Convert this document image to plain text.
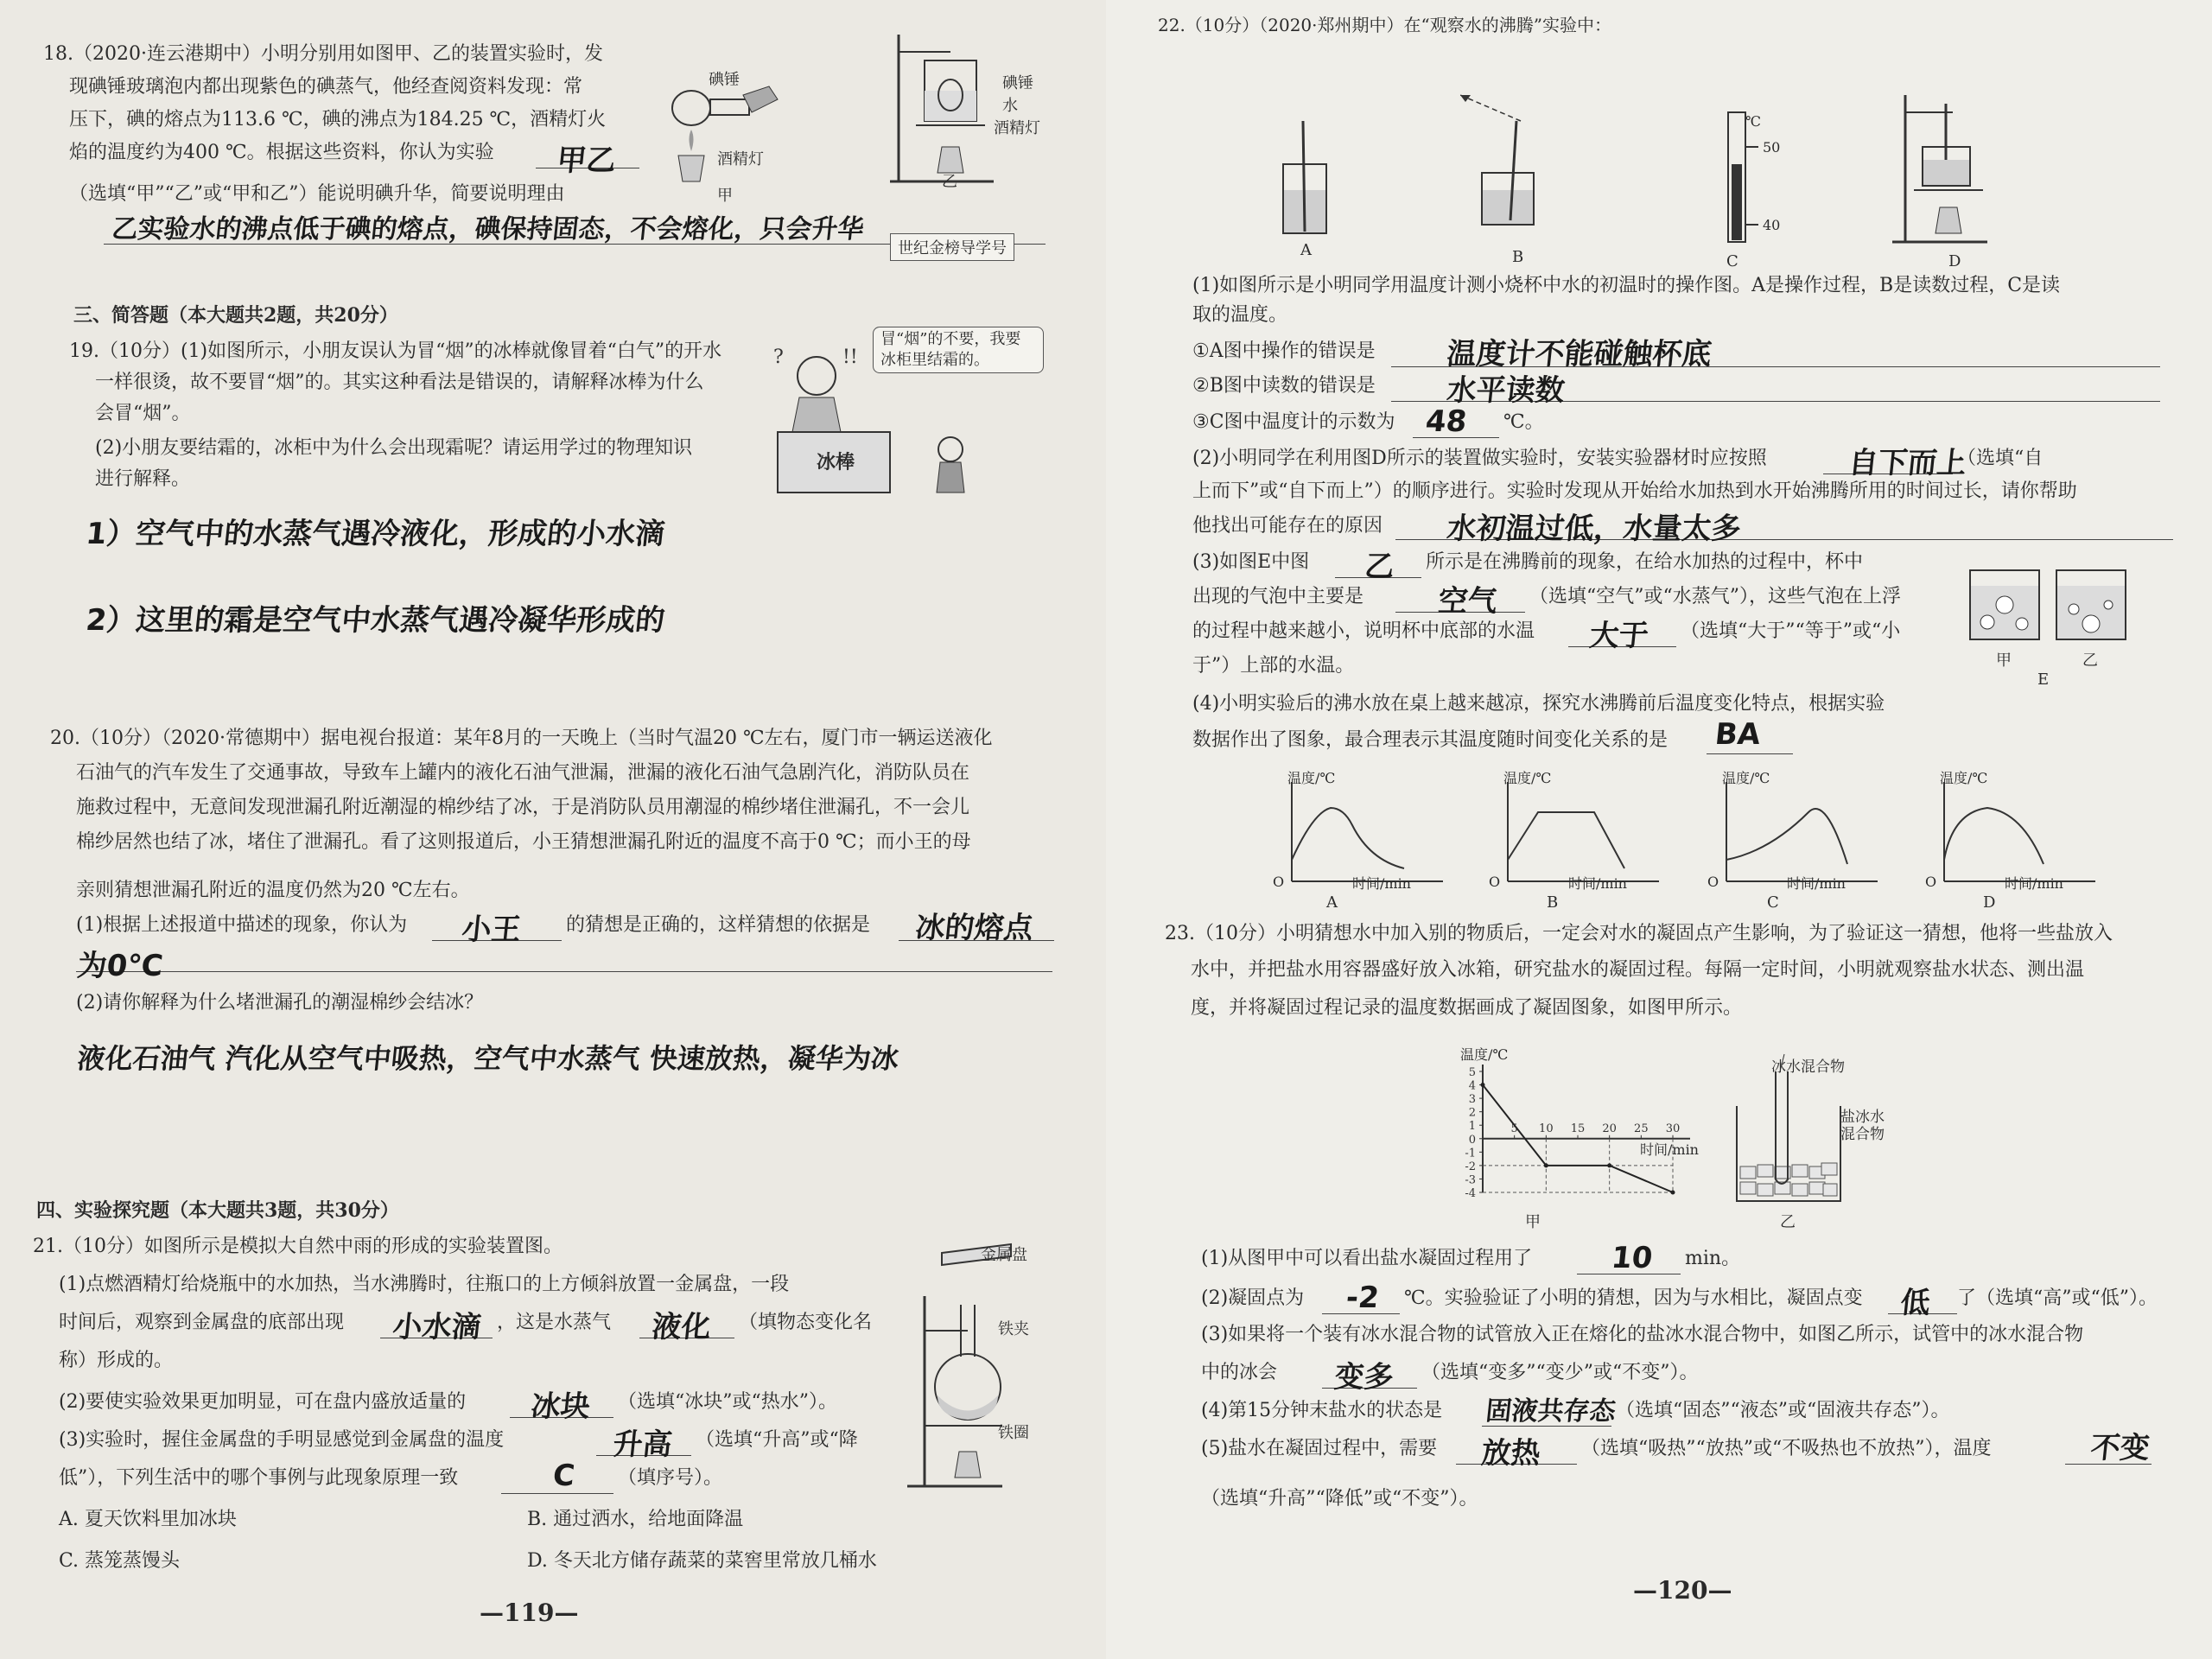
18.（2020·连云港期中）小明分别用如图甲、乙的装置实验时，发
现碘锤玻璃泡内都出现紫色的碘蒸气，他经查阅资料发现：常
压下，碘的熔点为113.6 ℃，碘的沸点为184.25 ℃，酒精灯火
焰的温度约为400 ℃。根据这些资料，你认为实验 甲乙
（选填“甲”“乙”或“甲和乙”）能说明碘升华，简要说明理由
乙实验水的沸点低于碘的熔点，碘保持固态，不会熔化，只会升华
碘锤
酒精灯
甲
碘锤
水
酒精灯
乙
世纪金榜导学号
三、简答题（本大题共2题，共20分）
19.（10分）(1)如图所示，小朋友误认为冒“烟”的冰棒就像冒着“白气”的开水
一样很烫，故不要冒“烟”的。其实这种看法是错误的，请解释冰棒为什么
会冒“烟”。
(2)小朋友要结霜的，冰柜中为什么会出现霜呢？请运用学过的物理知识
进行解释。
1）空气中的水蒸气遇冷液化，形成的小水滴
2）这里的霜是空气中水蒸气遇冷凝华形成的
?	!!
冰棒
冒“烟”的不要，我要冰柜里结霜的。
20.（10分）（2020·常德期中）据电视台报道：某年8月的一天晚上（当时气温20 ℃左右，厦门市一辆运送液化
石油气的汽车发生了交通事故，导致车上罐内的液化石油气泄漏，泄漏的液化石油气急剧汽化，消防队员在
施救过程中，无意间发现泄漏孔附近潮湿的棉纱结了冰，于是消防队员用潮湿的棉纱堵住泄漏孔，不一会儿
棉纱居然也结了冰，堵住了泄漏孔。看了这则报道后，小王猜想泄漏孔附近的温度不高于0 ℃；而小王的母
亲则猜想泄漏孔附近的温度仍然为20 ℃左右。
(1)根据上述报道中描述的现象，你认为 小王 的猜想是正确的，这样猜想的依据是 冰的熔点
为0℃
(2)请你解释为什么堵泄漏孔的潮湿棉纱会结冰？
液化石油气 汽化从空气中吸热，空气中水蒸气 快速放热，凝华为冰
四、实验探究题（本大题共3题，共30分）
21.（10分）如图所示是模拟大自然中雨的形成的实验装置图。
(1)点燃酒精灯给烧瓶中的水加热，当水沸腾时，往瓶口的上方倾斜放置一金属盘，一段
时间后，观察到金属盘的底部出现 小水滴 ，这是水蒸气 液化 （填物态变化名
称）形成的。
(2)要使实验效果更加明显，可在盘内盛放适量的 冰块 （选填“冰块”或“热水”）。
(3)实验时，握住金属盘的手明显感觉到金属盘的温度	升高 （选填“升高”或“降
低”），下列生活中的哪个事例与此现象原理一致	C （填序号）。
A. 夏天饮料里加冰块	B. 通过洒水，给地面降温
C. 蒸笼蒸馒头	D. 冬天北方储存蔬菜的菜窖里常放几桶水
金属盘
铁夹
铁圈
—119—
22.（10分）（2020·郑州期中）在“观察水的沸腾”实验中：
A	B
℃
50
40
C	D
(1)如图所示是小明同学用温度计测小烧杯中水的初温时的操作图。A是操作过程，B是读数过程，C是读
取的温度。
①A图中操作的错误是 温度计不能碰触杯底
②B图中读数的错误是 水平读数
③C图中温度计的示数为 48 ℃。
(2)小明同学在利用图D所示的装置做实验时，安装实验器材时应按照	自下而上
（选填“自
上而下”或“自下而上”）的顺序进行。实验时发现从开始给水加热到水开始沸腾所用的时间过长，请你帮助
他找出可能存在的原因 水初温过低，水量太多
(3)如图E中图 乙 所示是在沸腾前的现象，在给水加热的过程中，杯中
出现的气泡中主要是 空气 （选填“空气”或“水蒸气”），这些气泡在上浮
的过程中越来越小，说明杯中底部的水温 大于 （选填“大于”“等于”或“小
于”）上部的水温。	甲	乙
E
(4)小明实验后的沸水放在桌上越来越凉，探究水沸腾前后温度变化特点，根据实验
数据作出了图象，最合理表示其温度随时间变化关系的是 BA
温度/℃	温度/℃	温度/℃	温度/℃
O	O	O	O
时间/min	时间/min	时间/min	时间/min
A	B	C	D
23.（10分）小明猜想水中加入别的物质后，一定会对水的凝固点产生影响，为了验证这一猜想，他将一些盐放入
水中，并把盐水用容器盛好放入冰箱，研究盐水的凝固过程。每隔一定时间，小明就观察盐水状态、测出温
度，并将凝固过程记录的温度数据画成了凝固图象，如图甲所示。
温度/℃
5
4
3
2
1
0
-1
-2
-3
-4
5 10 15 20 25 30
时间/min
甲
冰水混合物
盐冰水
混合物
乙
(1)从图甲中可以看出盐水凝固过程用了	10 min。
(2)凝固点为 -2 ℃。实验验证了小明的猜想，因为与水相比，凝固点变 低 了（选填“高”或“低”）。
(3)如果将一个装有冰水混合物的试管放入正在熔化的盐冰水混合物中，如图乙所示，试管中的冰水混合物
中的冰会 变多 （选填“变多”“变少”或“不变”）。
(4)第15分钟末盐水的状态是 固液共存态
（选填“固态”“液态”或“固液共存态”）。
(5)盐水在凝固过程中，需要 放热 （选填“吸热”“放热”或“不吸热也不放热”），温度	不变
（选填“升高”“降低”或“不变”）。
—120—
